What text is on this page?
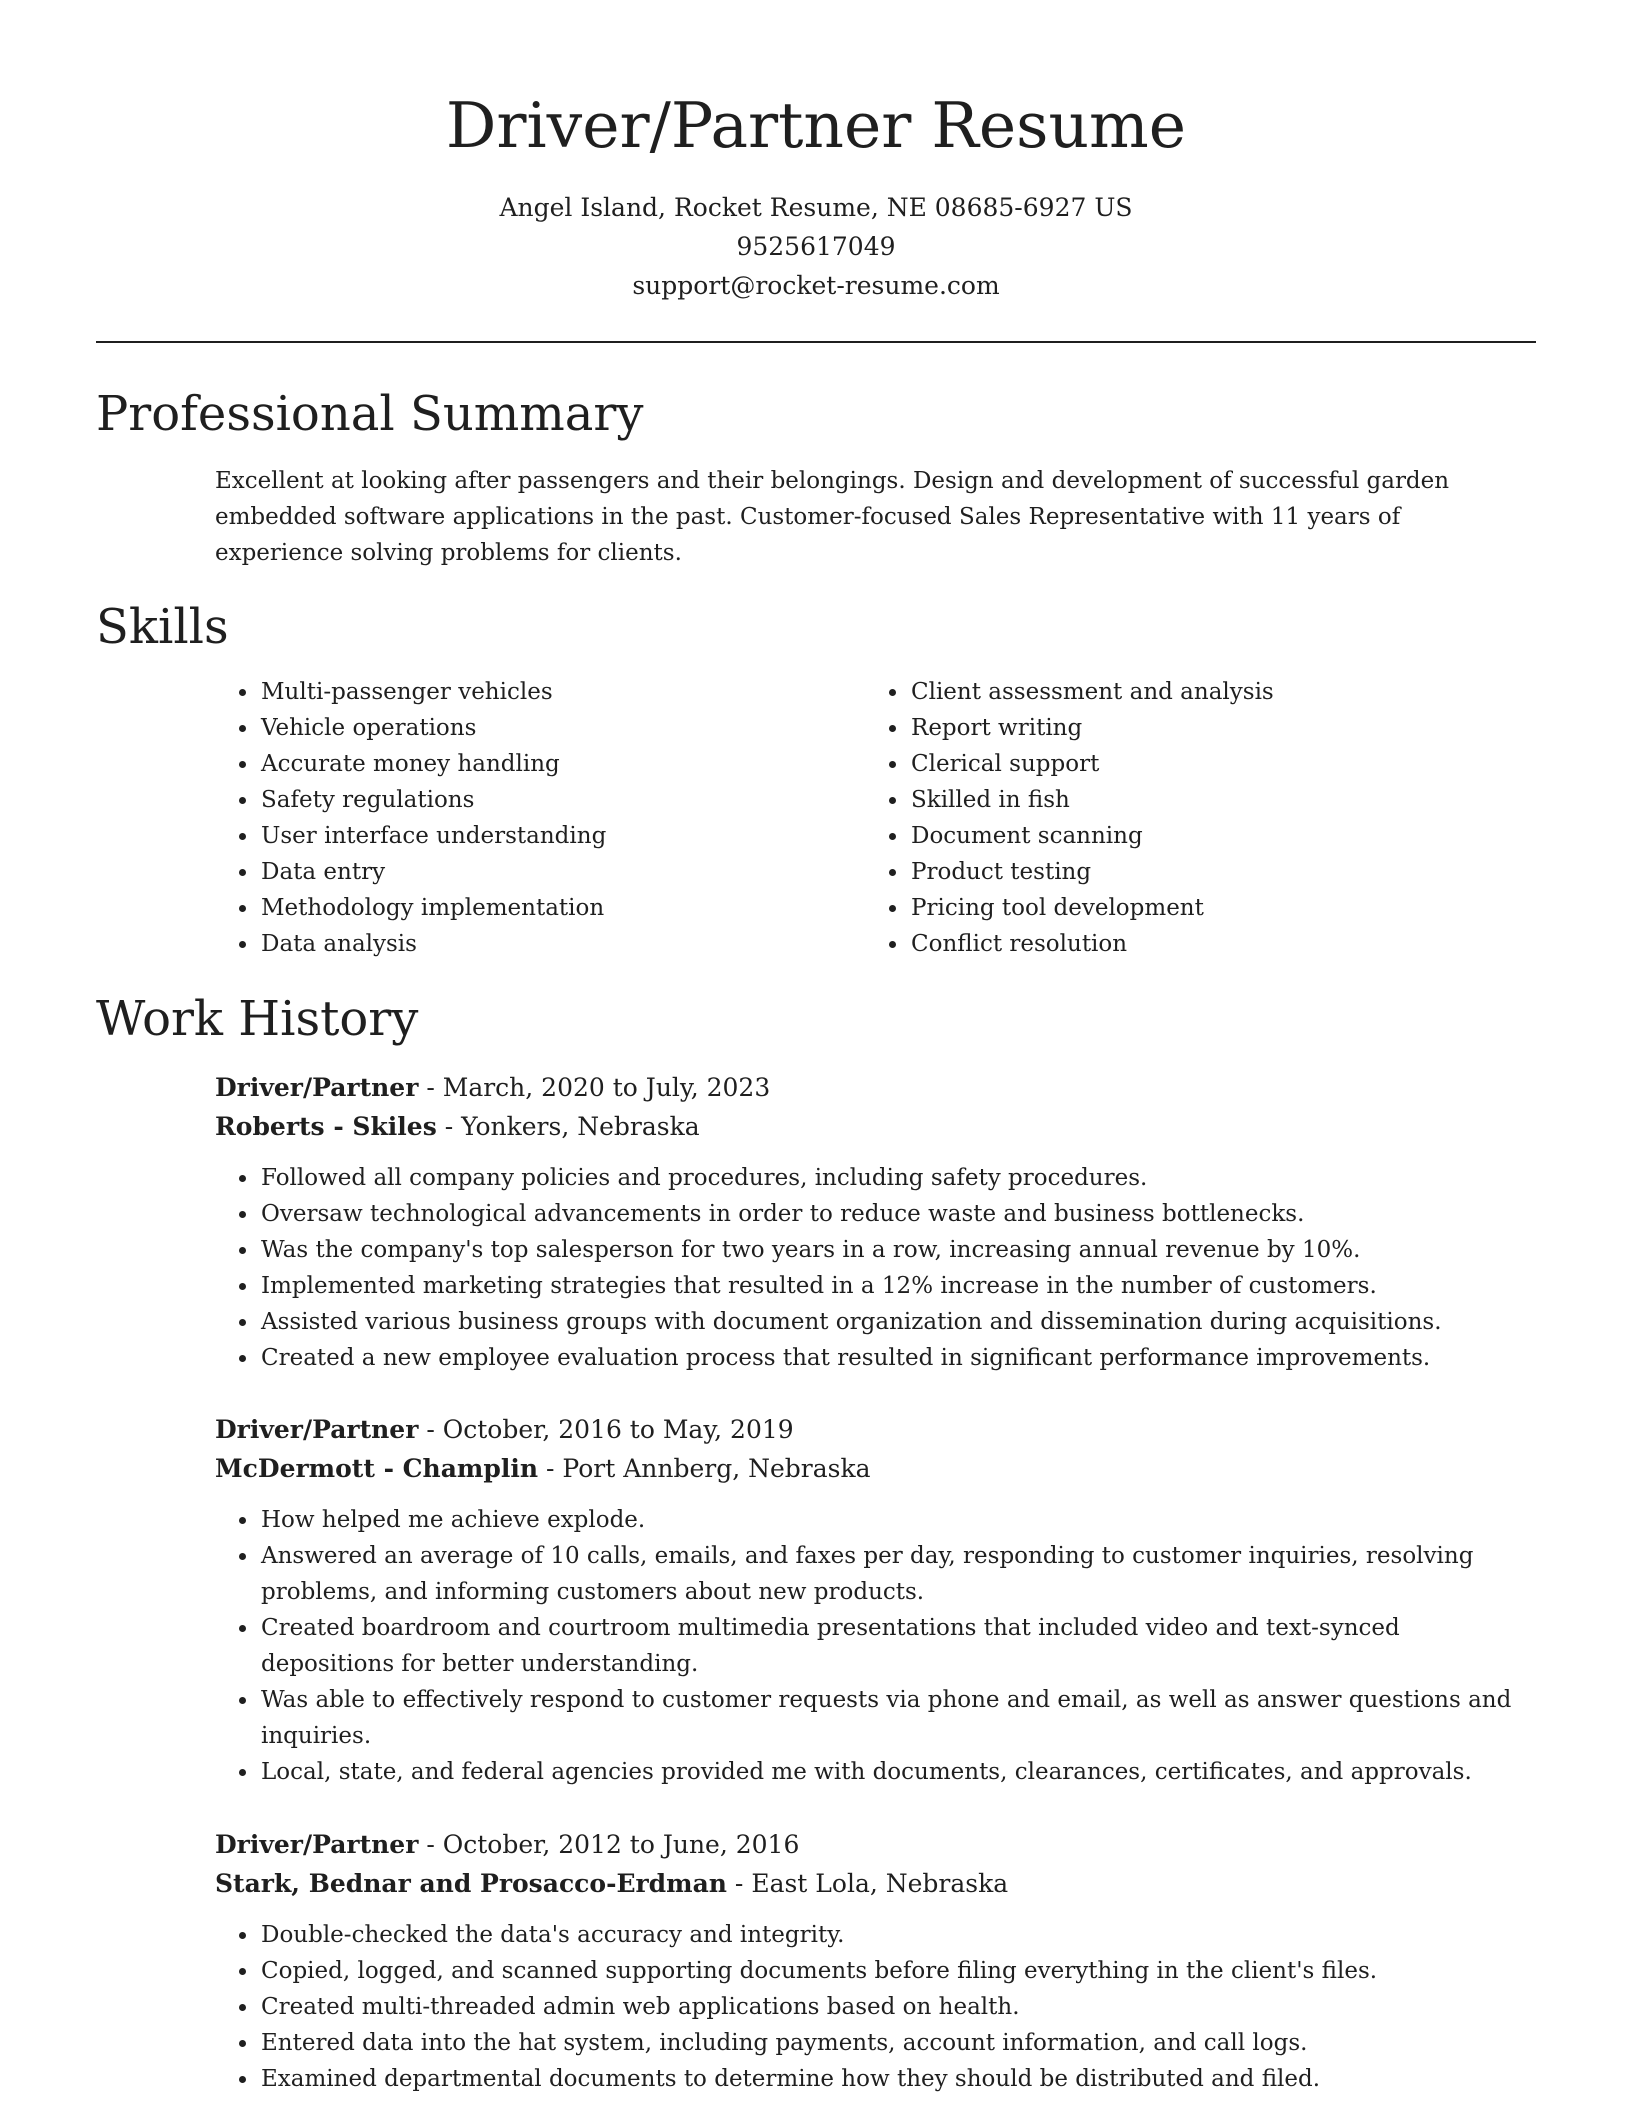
Driver/Partner Resume
Angel Island, Rocket Resume, NE 08685-6927 US
9525617049
support@rocket-resume.com
Professional Summary

Excellent at looking after passengers and their belongings. Design and development of successful garden embedded software applications in the past. Customer-focused Sales Representative with 11 years of experience solving problems for clients.

Skills
• Multi-passenger vehicles
• Vehicle operations
• Accurate money handling
• Safety regulations
• User interface understanding
• Data entry
• Methodology implementation
• Data analysis
• Client assessment and analysis
• Report writing
• Clerical support
• Skilled in fish
• Document scanning
• Product testing
• Pricing tool development
• Conflict resolution
Work History
Driver/Partner - March, 2020 to July, 2023
Roberts - Skiles - Yonkers, Nebraska
• Followed all company policies and procedures, including safety procedures.
• Oversaw technological advancements in order to reduce waste and business bottlenecks.
• Was the company's top salesperson for two years in a row, increasing annual revenue by 10%.
• Implemented marketing strategies that resulted in a 12% increase in the number of customers.
• Assisted various business groups with document organization and dissemination during acquisitions.
• Created a new employee evaluation process that resulted in significant performance improvements.
Driver/Partner - October, 2016 to May, 2019
McDermott - Champlin - Port Annberg, Nebraska
• How helped me achieve explode.
• Answered an average of 10 calls, emails, and faxes per day, responding to customer inquiries, resolving problems, and informing customers about new products.
• Created boardroom and courtroom multimedia presentations that included video and text-synced depositions for better understanding.
• Was able to effectively respond to customer requests via phone and email, as well as answer questions and inquiries.
• Local, state, and federal agencies provided me with documents, clearances, certificates, and approvals.
Driver/Partner - October, 2012 to June, 2016
Stark, Bednar and Prosacco-Erdman - East Lola, Nebraska
• Double-checked the data's accuracy and integrity.
• Copied, logged, and scanned supporting documents before filing everything in the client's files.
• Created multi-threaded admin web applications based on health.
• Entered data into the hat system, including payments, account information, and call logs.
• Examined departmental documents to determine how they should be distributed and filed.
